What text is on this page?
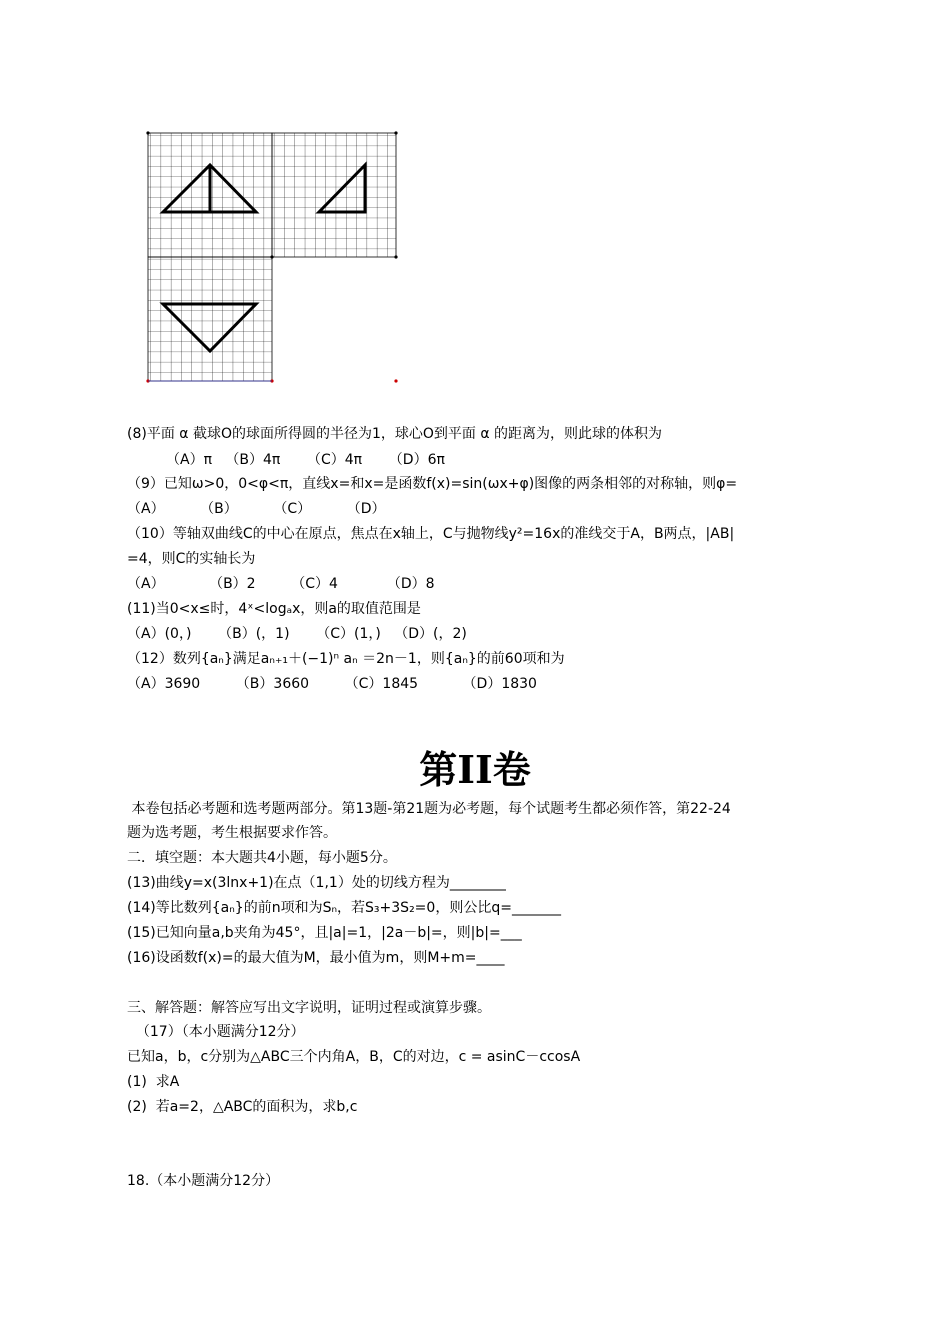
(8)平面 α 截球O的球面所得圆的半径为1，球心O到平面 α 的距离为，则此球的体积为
（A）π   （B）4π      （C）4π      （D）6π
（9）已知ω>0，0<φ<π，直线x=和x=是函数f(x)=sin(ωx+φ)图像的两条相邻的对称轴，则φ=
（A）        （B）        （C）        （D）
（10）等轴双曲线C的中心在原点，焦点在x轴上，C与抛物线y²=16x的准线交于A，B两点，|AB|
=4，则C的实轴长为
（A）          （B）2        （C）4           （D）8
(11)当0<x≤时，4ˣ<logₐx，则a的取值范围是
（A）(0，)      （B）(，1)      （C）(1，)   （D）(，2)
（12）数列{aₙ}满足aₙ₊₁＋(−1)ⁿ aₙ ＝2n－1，则{aₙ}的前60项和为
（A）3690        （B）3660        （C）1845          （D）1830
第II卷
本卷包括必考题和选考题两部分。第13题-第21题为必考题，每个试题考生都必须作答，第22-24
题为选考题，考生根据要求作答。
二．填空题：本大题共4小题，每小题5分。
(13)曲线y=x(3lnx+1)在点（1,1）处的切线方程为________
(14)等比数列{aₙ}的前n项和为Sₙ，若S₃+3S₂=0，则公比q=_______
(15)已知向量a,b夹角为45°，且|a|=1，|2a－b|=，则|b|=___
(16)设函数f(x)=的最大值为M，最小值为m，则M+m=____
三、解答题：解答应写出文字说明，证明过程或演算步骤。
（17）（本小题满分12分）
已知a，b，c分别为△ABC三个内角A，B，C的对边，c = asinC－ccosA
(1)  求A
(2)  若a=2，△ABC的面积为，求b,c
18.（本小题满分12分）
